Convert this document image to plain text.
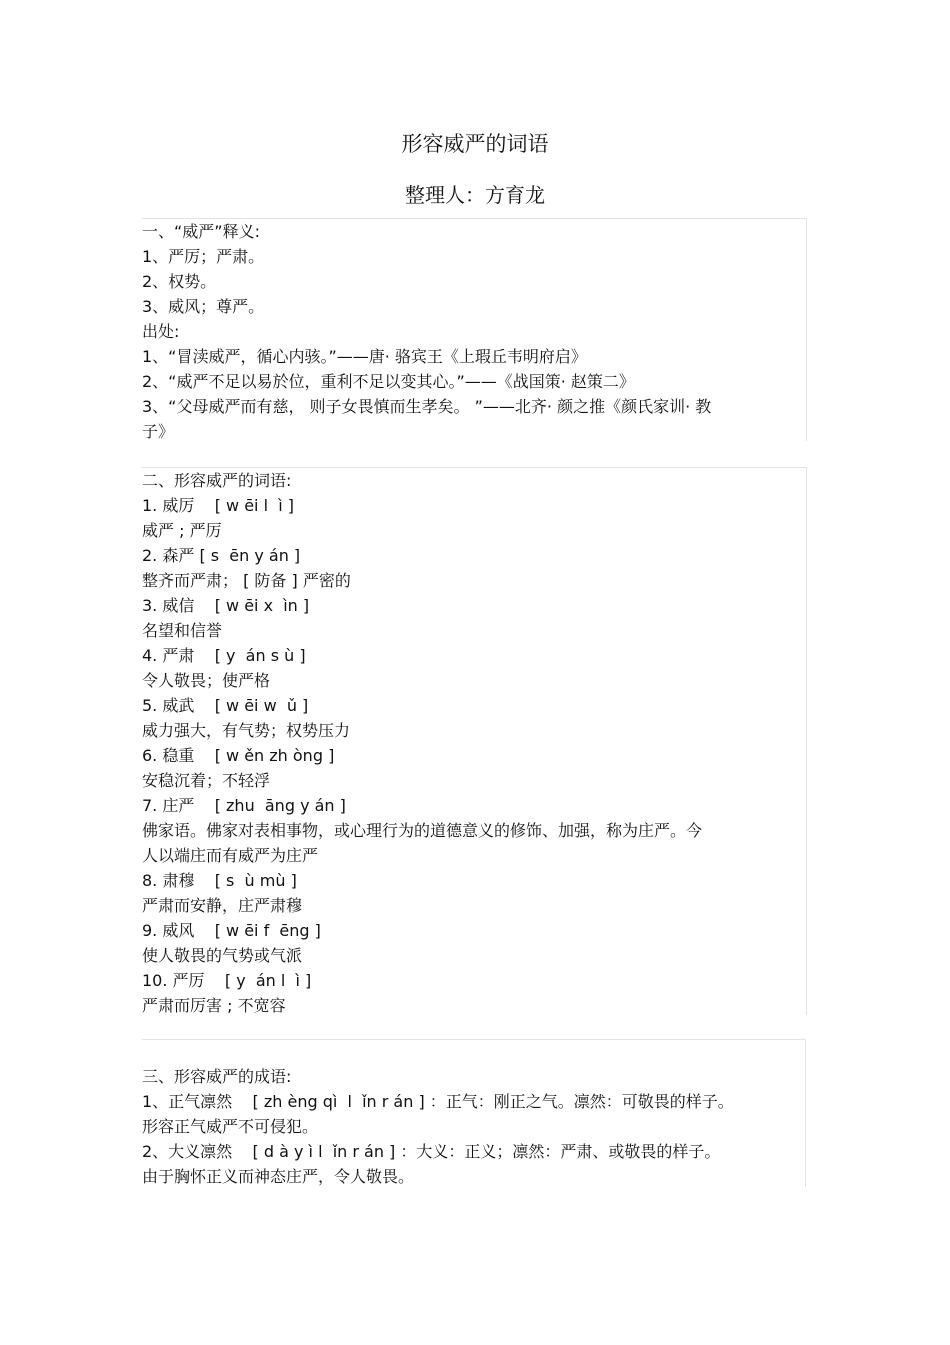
形容威严的词语
整理人：方育龙

一、“威严”释义:

1、严厉；严肃。

2、权势。

3、威风；尊严。

出处:

1、“冒渎威严，循心内骇。”——唐· 骆宾王《上瑕丘韦明府启》

2、“威严不足以易於位，重利不足以变其心。”——《战国策· 赵策二》

3、“父母威严而有慈， 则子女畏慎而生孝矣。 ”——北齐· 颜之推《颜氏家训· 教

子》

二、形容威严的词语:

1. 威厉    [ w ēi l  ì ]

威严 ; 严厉

2. 森严 [ s  ēn y án ]

整齐而严肃； [ 防备 ] 严密的

3. 威信    [ w ēi x  ìn ]

名望和信誉

4. 严肃    [ y  án s ù ]

令人敬畏；使严格

5. 威武    [ w ēi w  ǔ ]

威力强大，有气势；权势压力

6. 稳重    [ w ěn zh òng ]

安稳沉着；不轻浮

7. 庄严    [ zhu  āng y án ]

佛家语。佛家对表相事物，或心理行为的道德意义的修饰、加强，称为庄严。今

人以端庄而有威严为庄严

8. 肃穆    [ s  ù mù ]

严肃而安静，庄严肃穆

9. 威风    [ w ēi f  ēng ]

使人敬畏的气势或气派

10. 严厉    [ y  án l  ì ]

严肃而厉害 ; 不宽容

三、形容威严的成语:

1、正气凛然    [ zh èng qì  l  ǐn r án ] ：正气：刚正之气。凛然：可敬畏的样子。

形容正气威严不可侵犯。

2、大义凛然    [ d à y ì l  ǐn r án ] ：大义：正义；凛然：严肃、或敬畏的样子。

由于胸怀正义而神态庄严，令人敬畏。
